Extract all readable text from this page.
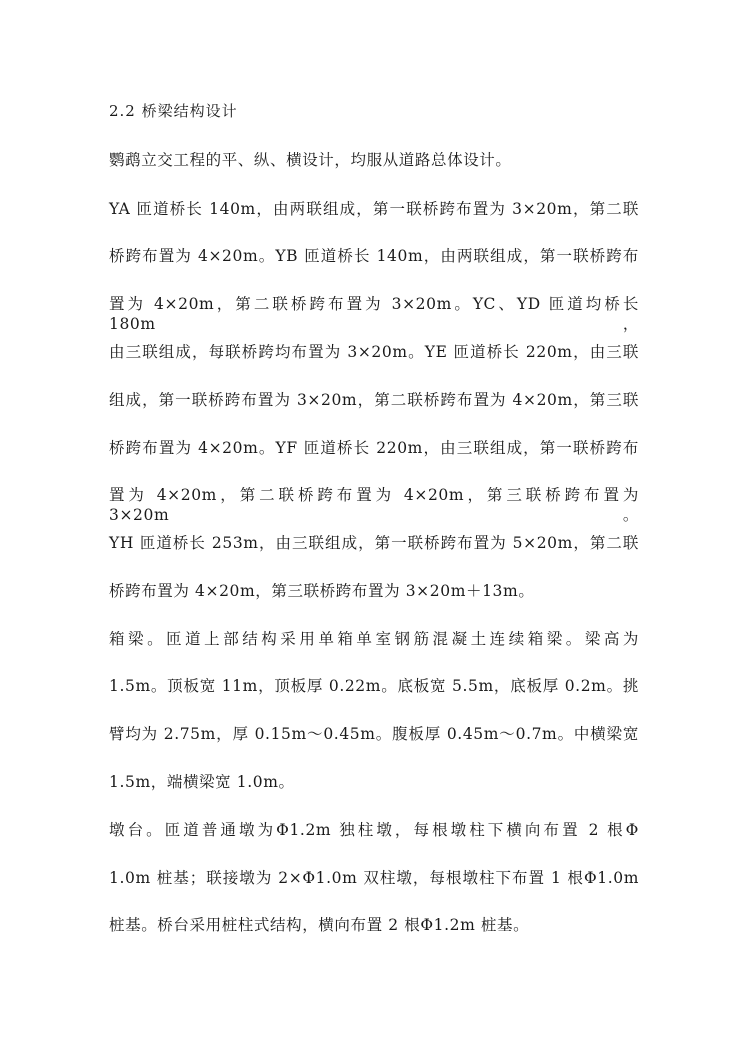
2.2 桥梁结构设计
鹦鹉立交工程的平、纵、横设计，均服从道路总体设计。
YA 匝道桥长 140m，由两联组成，第一联桥跨布置为 3×20m，第二联
桥跨布置为 4×20m。YB 匝道桥长 140m，由两联组成，第一联桥跨布
置为 4×20m，第二联桥跨布置为 3×20m。YC、YD 匝道均桥长 180m，
由三联组成，每联桥跨均布置为 3×20m。YE 匝道桥长 220m，由三联
组成，第一联桥跨布置为 3×20m，第二联桥跨布置为 4×20m，第三联
桥跨布置为 4×20m。YF 匝道桥长 220m，由三联组成，第一联桥跨布
置为 4×20m，第二联桥跨布置为 4×20m，第三联桥跨布置为 3×20m。
YH 匝道桥长 253m，由三联组成，第一联桥跨布置为 5×20m，第二联
桥跨布置为 4×20m，第三联桥跨布置为 3×20m＋13m。
箱梁。匝道上部结构采用单箱单室钢筋混凝土连续箱梁。梁高为
1.5m。顶板宽 11m，顶板厚 0.22m。底板宽 5.5m，底板厚 0.2m。挑
臂均为 2.75m，厚 0.15m～0.45m。腹板厚 0.45m～0.7m。中横梁宽
1.5m，端横梁宽 1.0m。
墩台。匝道普通墩为Φ1.2m 独柱墩，每根墩柱下横向布置 2 根Φ
1.0m 桩基；联接墩为 2×Φ1.0m 双柱墩，每根墩柱下布置 1 根Φ1.0m
桩基。桥台采用桩柱式结构，横向布置 2 根Φ1.2m 桩基。
